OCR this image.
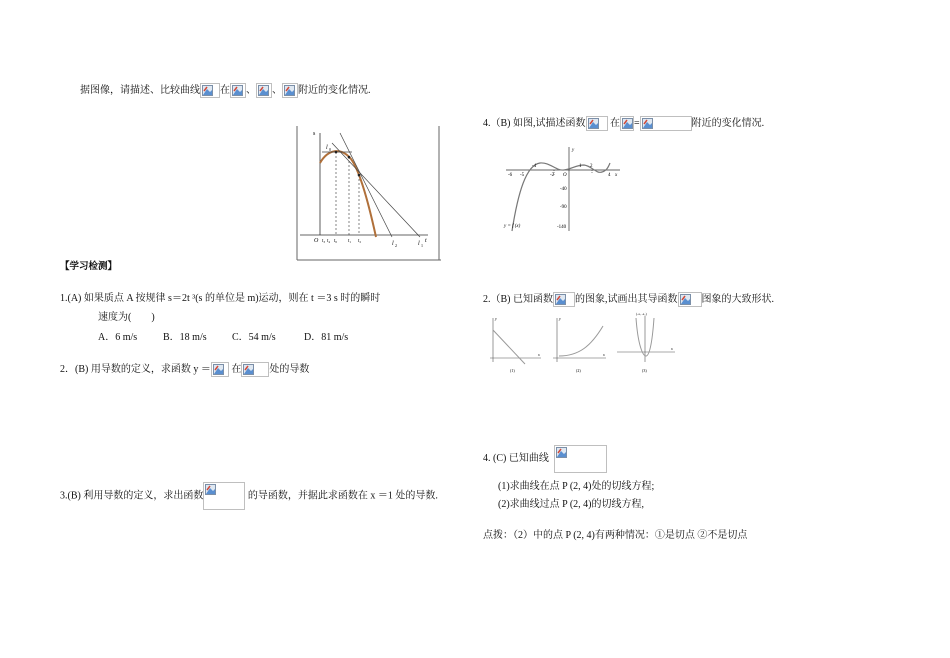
据图像，请描述、比较曲线 在 、 、 附近的变化情况.
s
l 0
l 2	l 1
O	t
t₃ t₄ t₀ t₁ t₂
【学习检测】
1.(A) 如果质点 A 按规律 s＝2t ³(s 的单位是 m)运动，则在 t ＝3 s 时的瞬时
速度为(　　)
A．6 m/s	B．18 m/s	C．54 m/s	D．81 m/s
2．(B) 用导数的定义，求函数 y ＝ 在	处的导数
3.(B) 利用导数的定义，求出函数	的导函数，并据此求函数在 x ＝1 处的导数.
4.（B) 如图,试描述函数 在 =	附近的变化情况.
y
x
-6 -5
-4
-2 O
1 2
4
-40
-90
-140
y = f (x)
2.（B) 已知函数 的图象,试画出其导函数 图象的大致形状.
y
x
(1)
y
x
(2)
(-a, -a₂)
x
(3)
4. (C) 已知曲线
(1)求曲线在点 P (2, 4)处的切线方程;
(2)求曲线过点 P (2, 4)的切线方程,
点拨：（2）中的点 P (2, 4)有两种情况：①是切点 ②不是切点
